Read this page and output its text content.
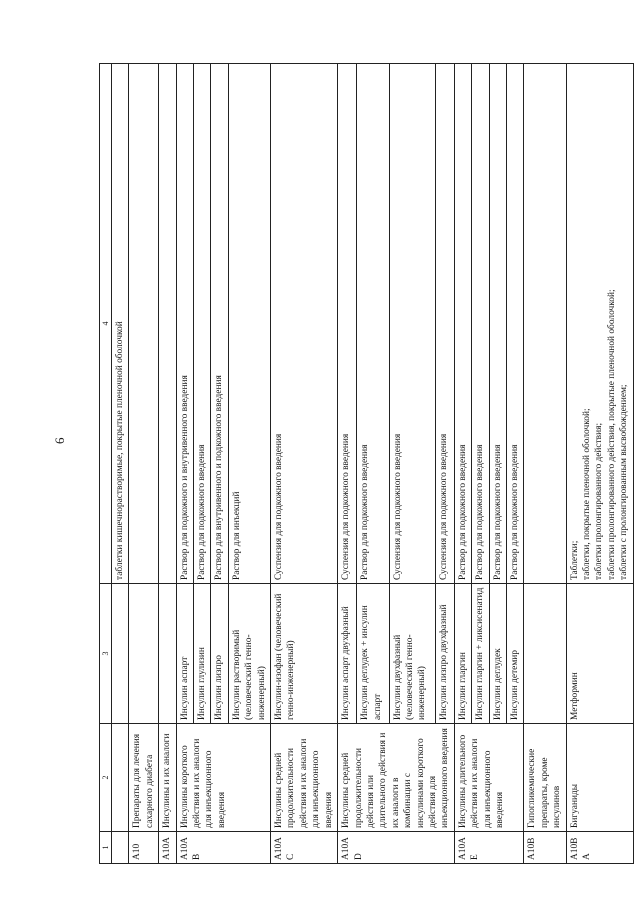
6
1	2	3	4
			таблетки кишечнорастворимые, покрытые пленочной оболочкой
A10	Препараты для лечения сахарного диабета		
A10A	Инсулины и их аналоги		
A10AB	Инсулины короткого действия и их аналоги для инъекционного введения	Инсулин аспарт	Раствор для подкожного и внутривенного введения
		Инсулин глулизин	Раствор для подкожного введения
		Инсулин лизпро	Раствор для внутривенного и подкожного введения
		Инсулин растворимый (человеческий генно-инженерный)	Раствор для инъекций
A10AC	Инсулины средней продолжительности действия и их аналоги для инъекционного введения	Инсулин-изофан (человеческий генно-инженерный)	Суспензия для подкожного введения
A10AD	Инсулины средней продолжительности действия или длительного действия и их аналоги в комбинации с инсулинами короткого действия для инъекционного введения	Инсулин аспарт двухфазный	Суспензия для подкожного введения
		Инсулин деглудек + инсулин аспарт	Раствор для подкожного введения
		Инсулин двухфазный (человеческий генно-инженерный)	Суспензия для подкожного введения
		Инсулин лизпро двухфазный	Суспензия для подкожного введения
A10AE	Инсулины длительного действия и их аналоги для инъекционного введения	Инсулин гларгин	Раствор для подкожного введения
		Инсулин гларгин + ликсисенатид	Раствор для подкожного введения
		Инсулин деглудек	Раствор для подкожного введения
		Инсулин детемир	Раствор для подкожного введения
A10B	Гипогликемические препараты, кроме инсулинов		
A10BA	Бигуаниды	Метформин	Таблетки; таблетки, покрытые пленочной оболочкой; таблетки пролонгированного действия; таблетки пролонгированного действия, покрытые пленочной оболочкой; таблетки с пролонгированным высвобождением;
